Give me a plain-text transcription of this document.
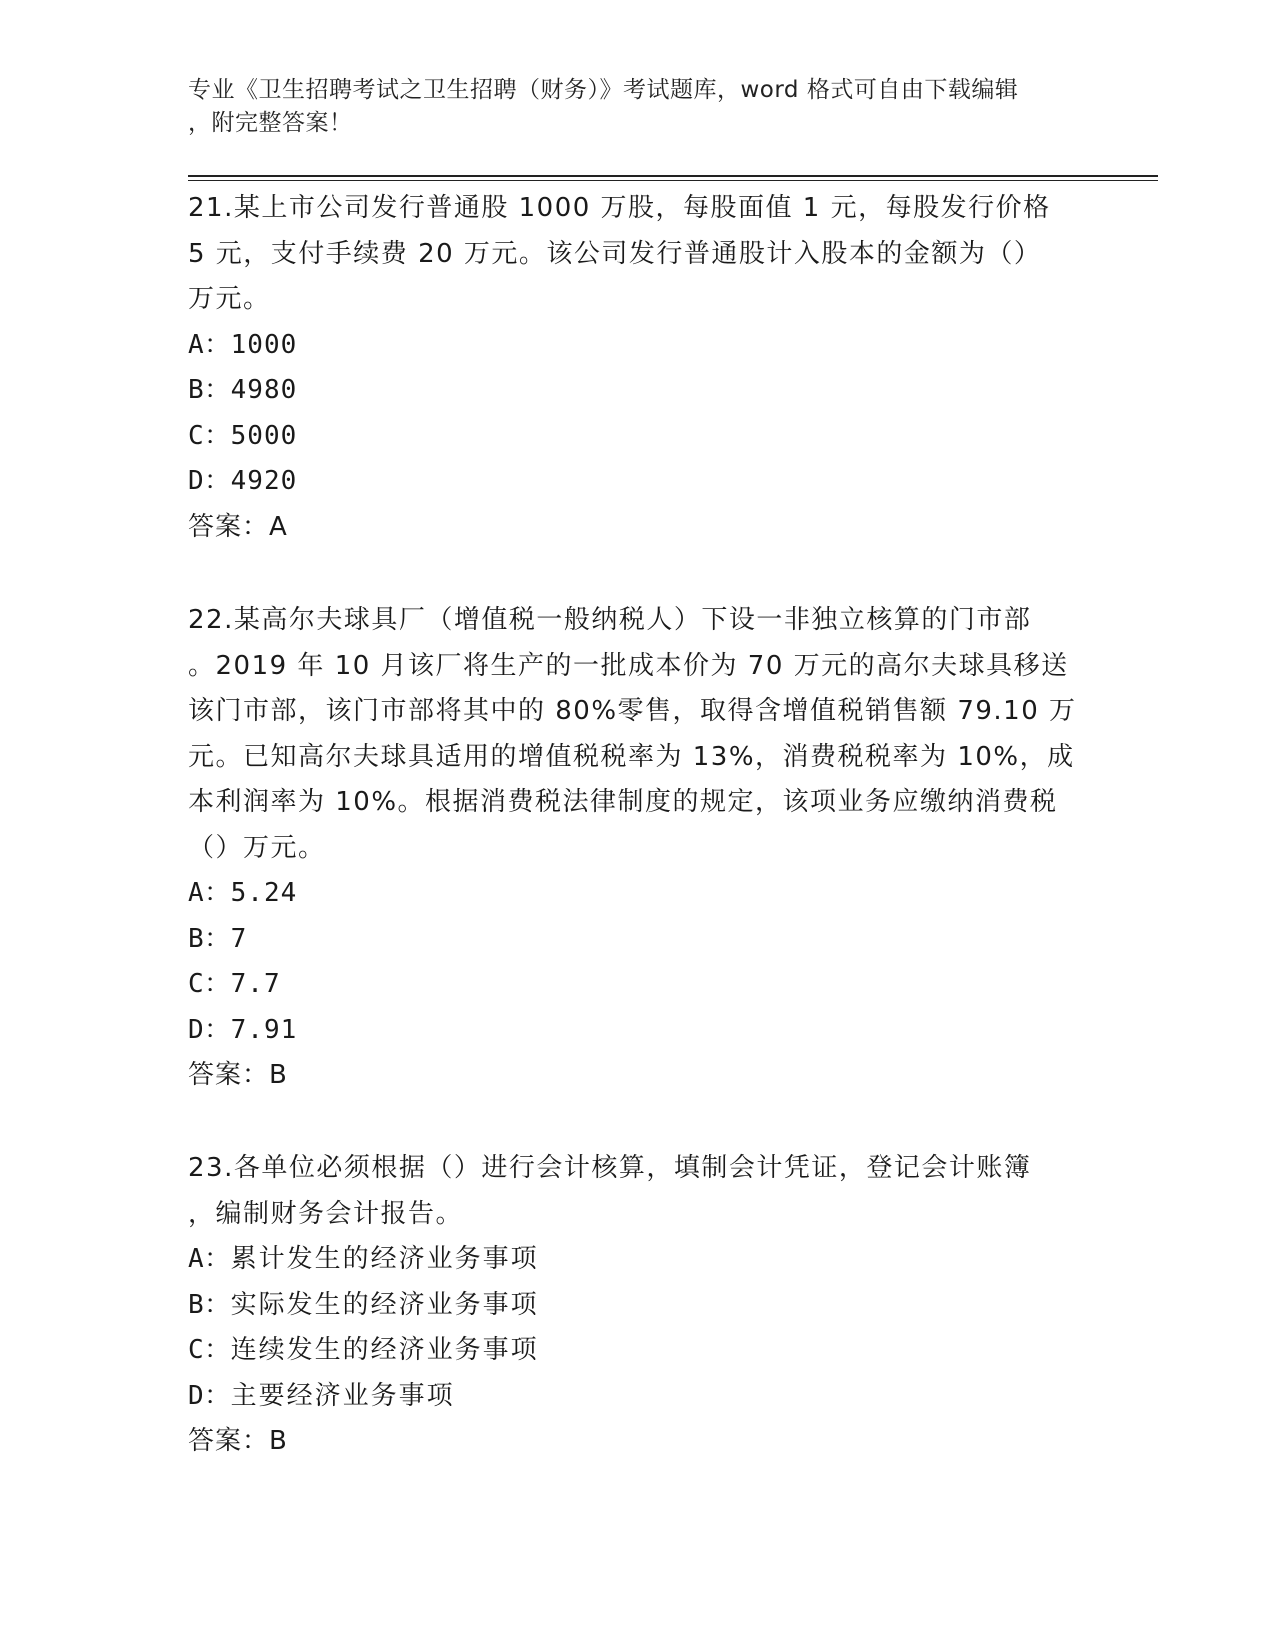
专业《卫生招聘考试之卫生招聘（财务）》考试题库，word 格式可自由下载编辑
，附完整答案！

21.某上市公司发行普通股 1000 万股，每股面值 1 元，每股发行价格

5 元，支付手续费 20 万元。该公司发行普通股计入股本的金额为（）

万元。

A：1000

B：4980

C：5000

D：4920

答案：A

22.某高尔夫球具厂（增值税一般纳税人）下设一非独立核算的门市部

。2019 年 10 月该厂将生产的一批成本价为 70 万元的高尔夫球具移送

该门市部，该门市部将其中的 80%零售，取得含增值税销售额 79.10 万

元。已知高尔夫球具适用的增值税税率为 13%，消费税税率为 10%，成

本利润率为 10%。根据消费税法律制度的规定，该项业务应缴纳消费税

（）万元。

A：5.24

B：7

C：7.7

D：7.91

答案：B

23.各单位必须根据（）进行会计核算，填制会计凭证，登记会计账簿

，编制财务会计报告。

A：累计发生的经济业务事项

B：实际发生的经济业务事项

C：连续发生的经济业务事项

D：主要经济业务事项

答案：B
